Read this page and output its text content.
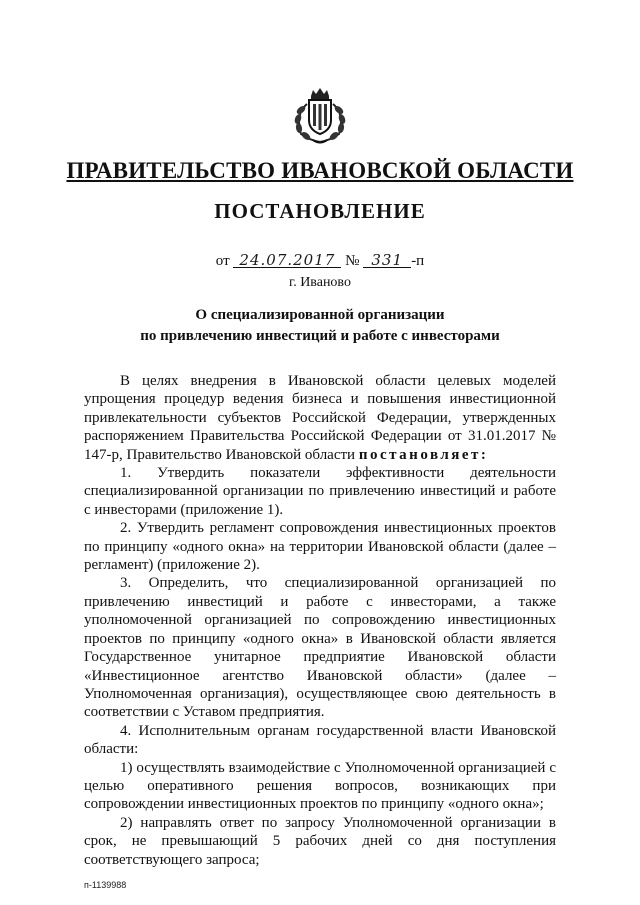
ПРАВИТЕЛЬСТВО ИВАНОВСКОЙ ОБЛАСТИ
ПОСТАНОВЛЕНИЕ
от 24.07.2017 № 331 -п
г. Иваново
О специализированной организации
по привлечению инвестиций и работе с инвесторами

В целях внедрения в Ивановской области целевых моделей упрощения процедур ведения бизнеса и повышения инвестиционной привлекательности субъектов Российской Федерации, утвержденных распоряжением Правительства Российской Федерации от 31.01.2017 № 147-р, Правительство Ивановской области постановляет:

1. Утвердить показатели эффективности деятельности специализированной организации по привлечению инвестиций и работе с инвесторами (приложение 1).

2. Утвердить регламент сопровождения инвестиционных проектов по принципу «одного окна» на территории Ивановской области (далее – регламент) (приложение 2).

3. Определить, что специализированной организацией по привлечению инвестиций и работе с инвесторами, а также уполномоченной организацией по сопровождению инвестиционных проектов по принципу «одного окна» в Ивановской области является Государственное унитарное предприятие Ивановской области «Инвестиционное агентство Ивановской области» (далее – Уполномоченная организация), осуществляющее свою деятельность в соответствии с Уставом предприятия.

4. Исполнительным органам государственной власти Ивановской области:

1) осуществлять взаимодействие с Уполномоченной организацией с целью оперативного решения вопросов, возникающих при сопровождении инвестиционных проектов по принципу «одного окна»;

2) направлять ответ по запросу Уполномоченной организации в срок, не превышающий 5 рабочих дней со дня поступления соответствующего запроса;

п-1139988
